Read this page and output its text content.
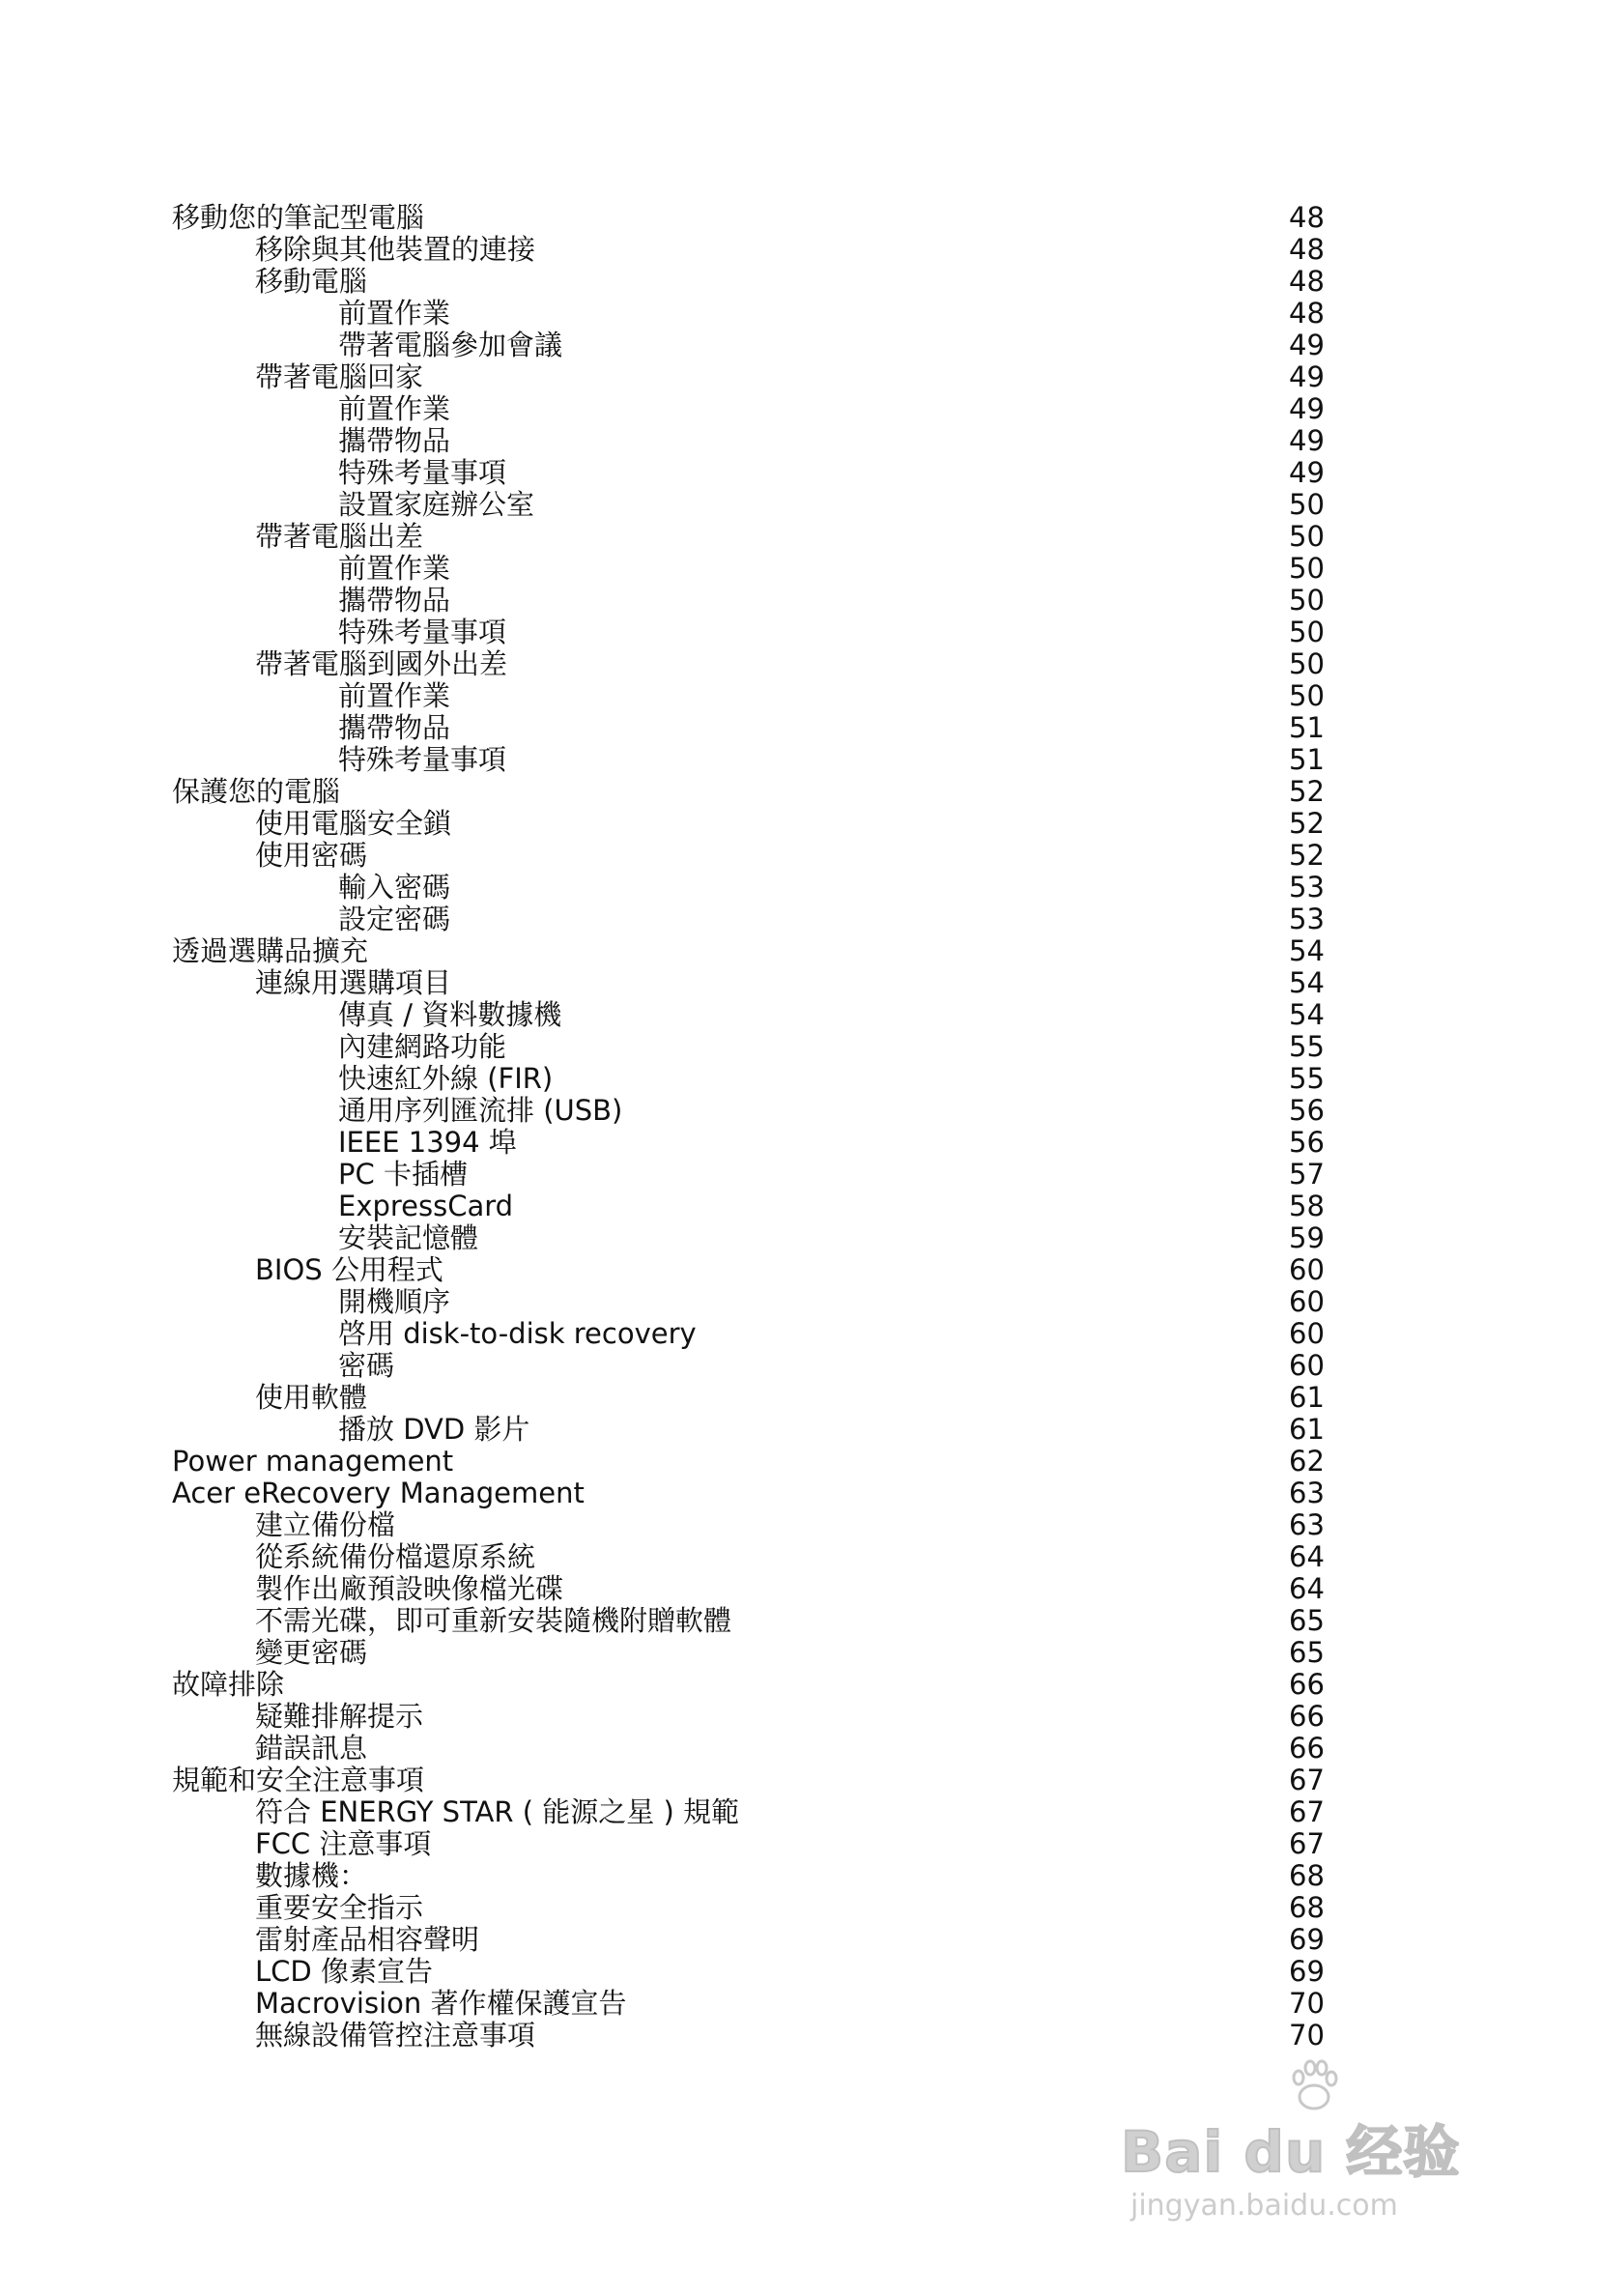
移動您的筆記型電腦	48
移除與其他裝置的連接	48
移動電腦	48
前置作業	48
帶著電腦參加會議	49
帶著電腦回家	49
前置作業	49
攜帶物品	49
特殊考量事項	49
設置家庭辦公室	50
帶著電腦出差	50
前置作業	50
攜帶物品	50
特殊考量事項	50
帶著電腦到國外出差	50
前置作業	50
攜帶物品	51
特殊考量事項	51
保護您的電腦	52
使用電腦安全鎖	52
使用密碼	52
輸入密碼	53
設定密碼	53
透過選購品擴充	54
連線用選購項目	54
傳真 / 資料數據機	54
內建網路功能	55
快速紅外線 (FIR)	55
通用序列匯流排 (USB)	56
IEEE 1394 埠	56
PC 卡插槽	57
ExpressCard	58
安裝記憶體	59
BIOS 公用程式	60
開機順序	60
啓用 disk-to-disk recovery	60
密碼	60
使用軟體	61
播放 DVD 影片	61
Power management	62
Acer eRecovery Management	63
建立備份檔	63
從系統備份檔還原系統	64
製作出廠預設映像檔光碟	64
不需光碟，即可重新安裝隨機附贈軟體	65
變更密碼	65
故障排除	66
疑難排解提示	66
錯誤訊息	66
規範和安全注意事項	67
符合 ENERGY STAR ( 能源之星 ) 規範	67
FCC 注意事項	67
數據機：	68
重要安全指示	68
雷射產品相容聲明	69
LCD 像素宣告	69
Macrovision 著作權保護宣告	70
無線設備管控注意事項	70
Bai du 经验
jingyan.baidu.com
